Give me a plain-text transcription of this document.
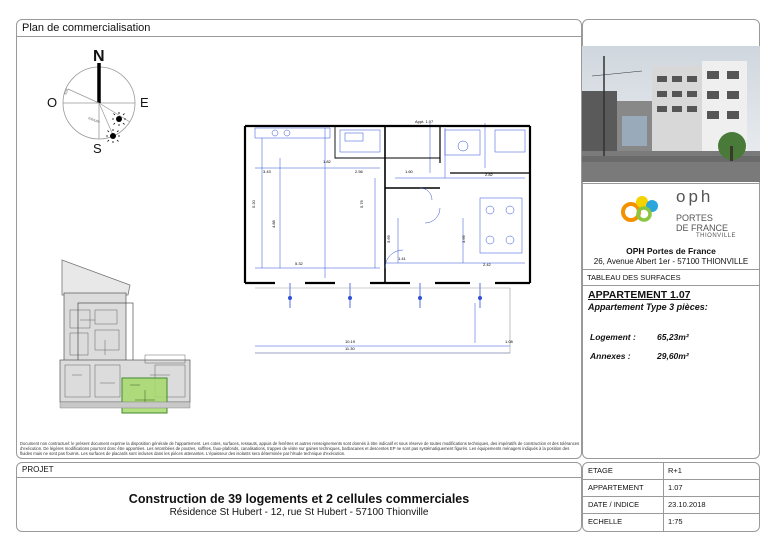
Plan de commercialisation
soir
minute
N
O	E
S
Appt. 1.07
3.43
1.82
2.56	1.60
2.82
5.32
1.41
2.42
10.19
11.30
1.08
5.76
5.20
4.88
3.69	3.66
Document non contractuel: le présent document exprime la disposition générale de l'appartement. Les cotes, surfaces, ressauts, appuis de fenêtres et autres renseignements sont donnés à titre indicatif et sous réserve de toutes modifications techniques, des impératifs de construction et des tolérances d'exécution. De légères modifications pourront donc être apportées. Les retombées de poutres, soffites, faux-plafonds, canalisations, trappes de visite sur gaines techniques, barbacanes et descentes EP ne sont pas systématiquement figurés. Les équipements ménagers indiqués à la position des fluides mais ne sont pas fournis. Les surfaces de placards sont incluses dans les pièces attenantes. L'épaisseur des isolants sera déterminée par l'étude technique d'exécution.
oph
PORTES
DE FRANCE
THIONVILLE
OPH Portes de France
26, Avenue Albert 1er - 57100 THIONVILLE
TABLEAU DES SURFACES
APPARTEMENT 1.07
Appartement Type 3 pièces:
Logement : 65,23m²
Annexes :	29,60m²
PROJET
Construction de 39 logements et 2 cellules commerciales
Résidence St Hubert - 12, rue St Hubert - 57100 Thionville
ETAGE	R+1
APPARTEMENT	1.07
DATE / INDICE	23.10.2018
ECHELLE	1:75
